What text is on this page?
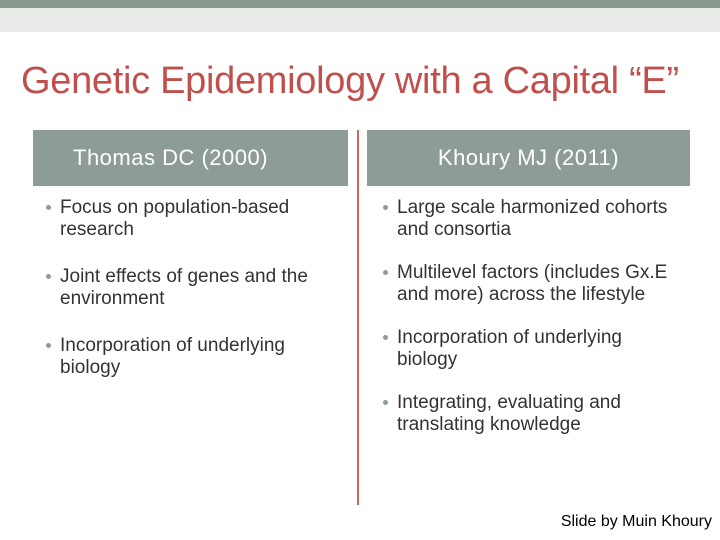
Genetic Epidemiology with a Capital “E”
Thomas DC (2000)	Khoury MJ (2011)
Focus on population-based research
Joint effects of genes and the environment
Incorporation of underlying biology
Large scale harmonized cohorts and consortia
Multilevel factors (includes Gx.E and more) across the lifestyle
Incorporation of underlying biology
Integrating, evaluating and translating knowledge
Slide by Muin Khoury
